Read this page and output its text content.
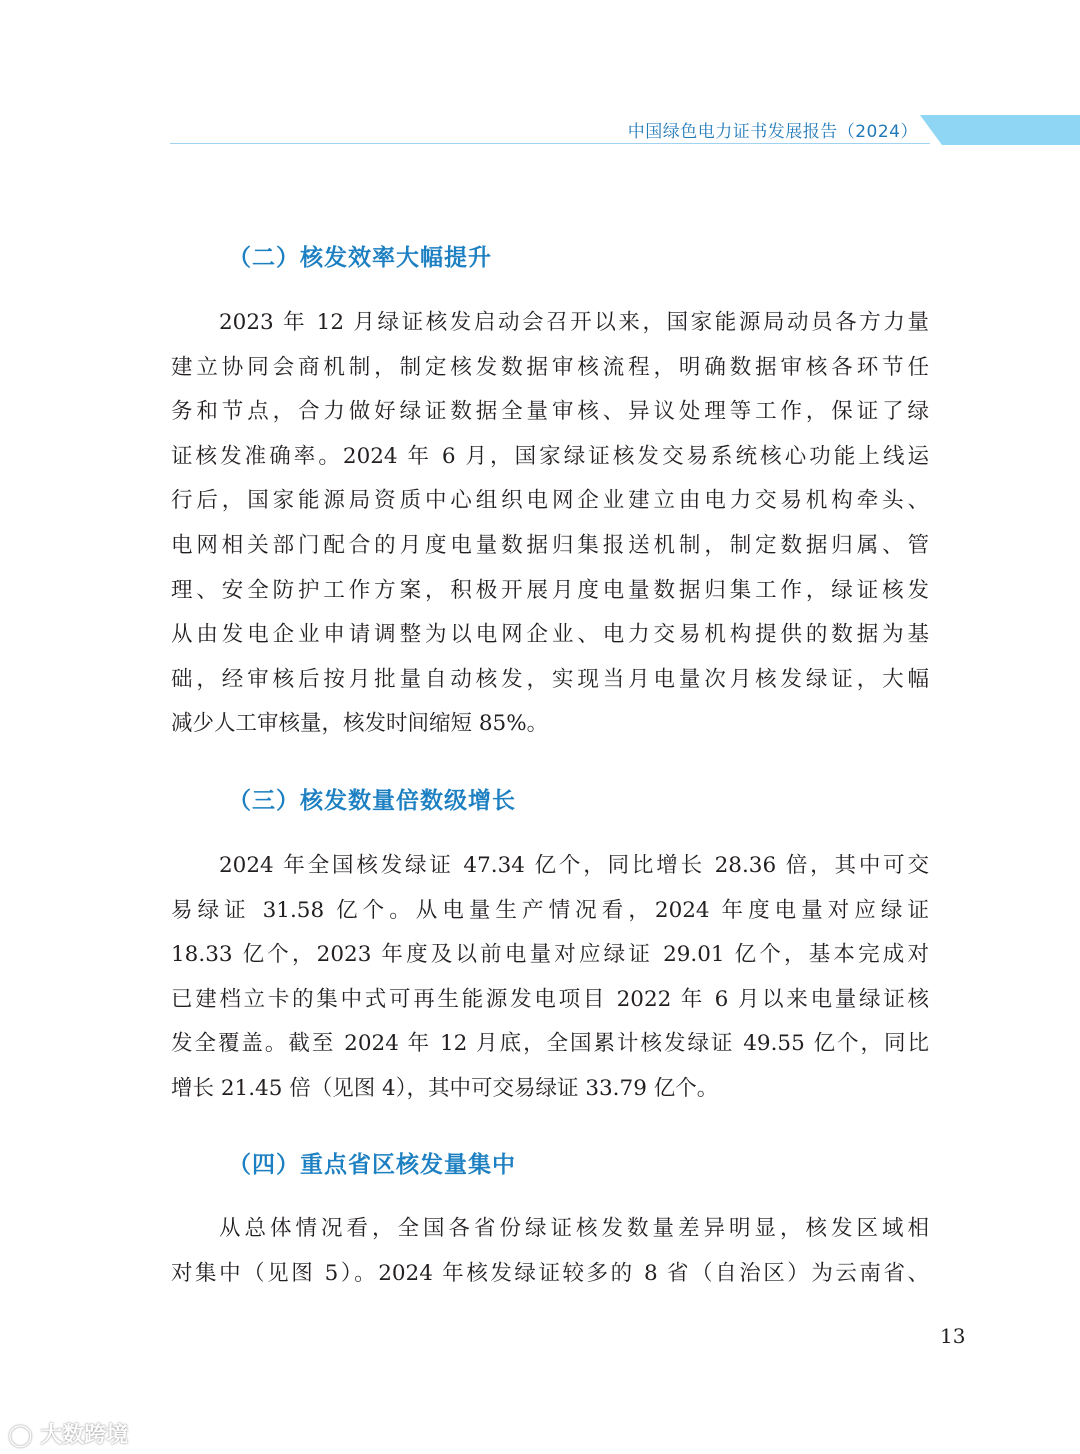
中国绿色电力证书发展报告（2024）
（二）核发效率大幅提升
2023 年 12 月绿证核发启动会召开以来，国家能源局动员各方力量
建立协同会商机制，制定核发数据审核流程，明确数据审核各环节任
务和节点，合力做好绿证数据全量审核、异议处理等工作，保证了绿
证核发准确率。2024 年 6 月，国家绿证核发交易系统核心功能上线运
行后，国家能源局资质中心组织电网企业建立由电力交易机构牵头、
电网相关部门配合的月度电量数据归集报送机制，制定数据归属、管
理、安全防护工作方案，积极开展月度电量数据归集工作，绿证核发
从由发电企业申请调整为以电网企业、电力交易机构提供的数据为基
础，经审核后按月批量自动核发，实现当月电量次月核发绿证，大幅
减少人工审核量，核发时间缩短 85%。
（三）核发数量倍数级增长
2024 年全国核发绿证 47.34 亿个，同比增长 28.36 倍，其中可交
易绿证 31.58 亿个。从电量生产情况看，2024 年度电量对应绿证
18.33 亿个，2023 年度及以前电量对应绿证 29.01 亿个，基本完成对
已建档立卡的集中式可再生能源发电项目 2022 年 6 月以来电量绿证核
发全覆盖。截至 2024 年 12 月底，全国累计核发绿证 49.55 亿个，同比
增长 21.45 倍（见图 4），其中可交易绿证 33.79 亿个。
（四）重点省区核发量集中
从总体情况看，全国各省份绿证核发数量差异明显，核发区域相
对集中（见图 5）。2024 年核发绿证较多的 8 省（自治区）为云南省、
13
◯ 大数跨境
